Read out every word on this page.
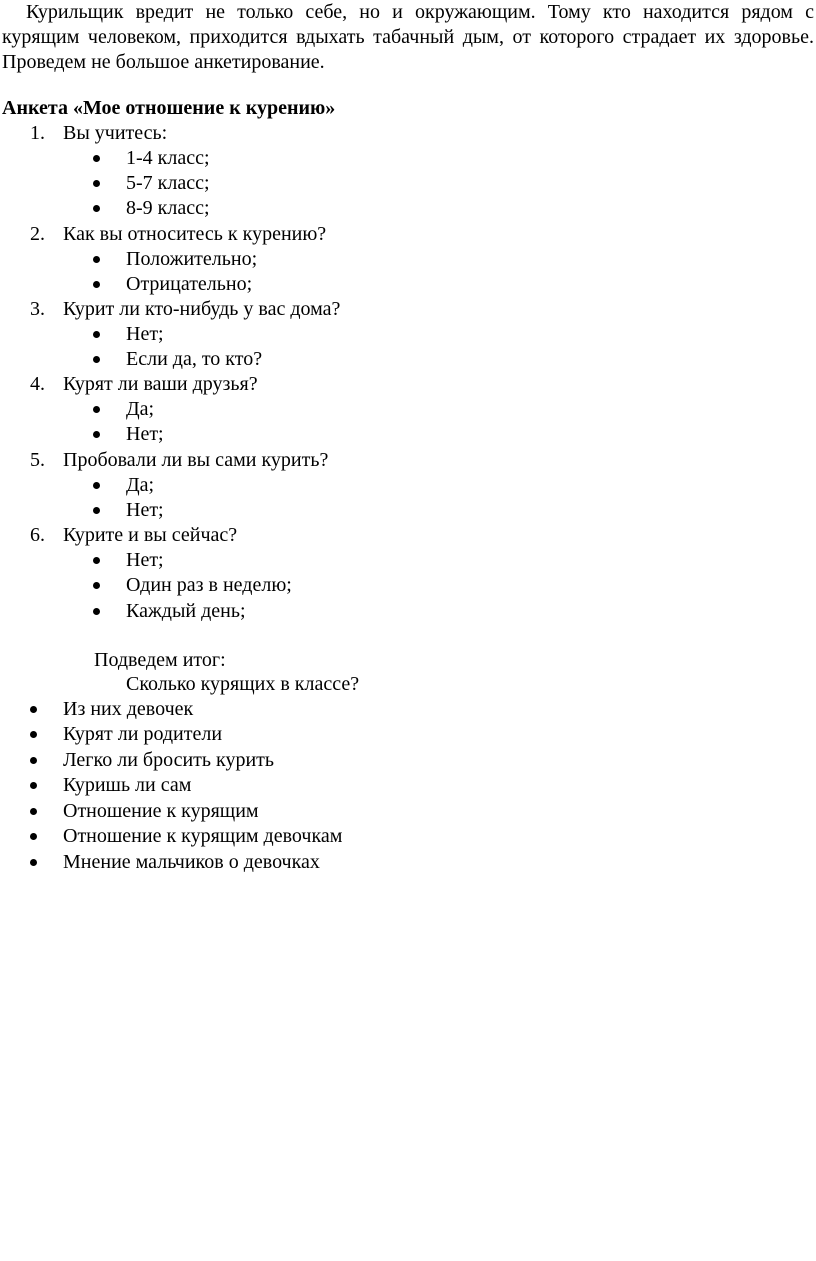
Курильщик вредит не только себе, но и окружающим. Тому кто находится рядом с
курящим человеком, приходится вдыхать табачный дым, от которого страдает их здоровье.
Проведем не большое анкетирование.
Анкета «Мое отношение к курению»
1. Вы учитесь:
1-4 класс;
5-7 класс;
8-9 класс;
2. Как вы относитесь к курению?
Положительно;
Отрицательно;
3. Курит ли кто-нибудь у вас дома?
Нет;
Если да, то кто?
4. Курят ли ваши друзья?
Да;
Нет;
5. Пробовали ли вы сами курить?
Да;
Нет;
6. Курите и вы сейчас?
Нет;
Один раз в неделю;
Каждый день;
Подведем итог:
Сколько курящих в классе?
Из них девочек
Курят ли родители
Легко ли бросить курить
Куришь ли сам
Отношение к курящим
Отношение к курящим девочкам
Мнение мальчиков о девочках
